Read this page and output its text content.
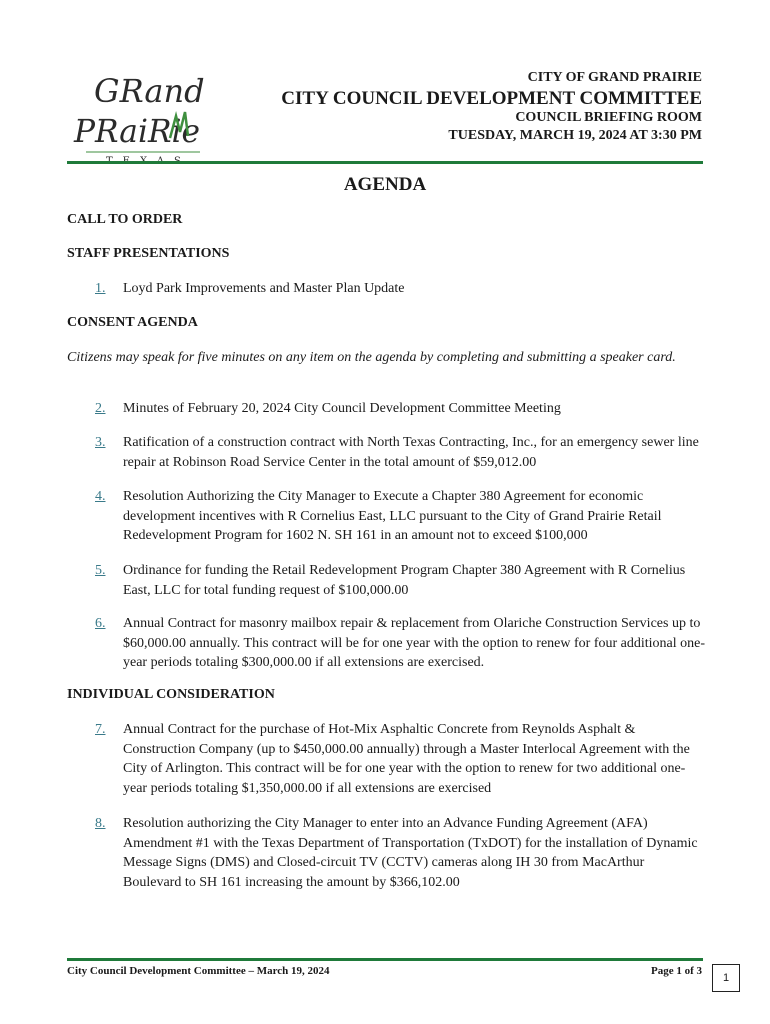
GRand
PRaiRie
CITY OF GRAND PRAIRIE
CITY COUNCIL DEVELOPMENT COMMITTEE
COUNCIL BRIEFING ROOM
TUESDAY, MARCH 19, 2024 AT 3:30 PM
AGENDA
CALL TO ORDER
STAFF PRESENTATIONS
1. Loyd Park Improvements and Master Plan Update
CONSENT AGENDA
Citizens may speak for five minutes on any item on the agenda by completing and submitting a speaker card.
2. Minutes of February 20, 2024 City Council Development Committee Meeting
3. Ratification of a construction contract with North Texas Contracting, Inc., for an emergency sewer line repair at Robinson Road Service Center in the total amount of $59,012.00
4. Resolution Authorizing the City Manager to Execute a Chapter 380 Agreement for economic development incentives with R Cornelius East, LLC pursuant to the City of Grand Prairie Retail Redevelopment Program for 1602 N. SH 161 in an amount not to exceed $100,000
5. Ordinance for funding the Retail Redevelopment Program Chapter 380 Agreement with R Cornelius East, LLC for total funding request of $100,000.00
6. Annual Contract for masonry mailbox repair & replacement from Olariche Construction Services up to $60,000.00 annually. This contract will be for one year with the option to renew for four additional one-year periods totaling $300,000.00 if all extensions are exercised.
INDIVIDUAL CONSIDERATION
7. Annual Contract for the purchase of Hot-Mix Asphaltic Concrete from Reynolds Asphalt & Construction Company (up to $450,000.00 annually) through a Master Interlocal Agreement with the City of Arlington. This contract will be for one year with the option to renew for two additional one-year periods totaling $1,350,000.00 if all extensions are exercised
8. Resolution authorizing the City Manager to enter into an Advance Funding Agreement (AFA) Amendment #1 with the Texas Department of Transportation (TxDOT) for the installation of Dynamic Message Signs (DMS) and Closed-circuit TV (CCTV) cameras along IH 30 from MacArthur Boulevard to SH 161 increasing the amount by $366,102.00
City Council Development Committee – March 19, 2024	Page 1 of 3
1
